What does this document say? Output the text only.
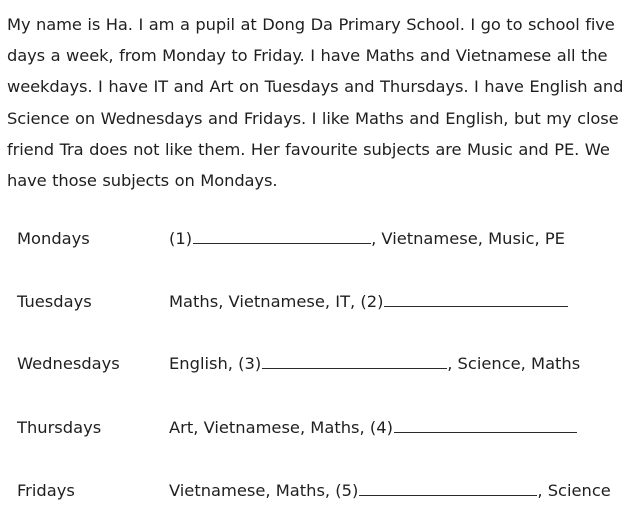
My name is Ha. I am a pupil at Dong Da Primary School. I go to school five
days a week, from Monday to Friday. I have Maths and Vietnamese all the
weekdays. I have IT and Art on Tuesdays and Thursdays. I have English and
Science on Wednesdays and Fridays. I like Maths and English, but my close
friend Tra does not like them. Her favourite subjects are Music and PE. We
have those subjects on Mondays.
Mondays	(1)	, Vietnamese, Music, PE
Tuesdays	Maths, Vietnamese, IT, (2)
Wednesdays	English, (3)	, Science, Maths
Thursdays	Art, Vietnamese, Maths, (4)
Fridays	Vietnamese, Maths, (5)	, Science
